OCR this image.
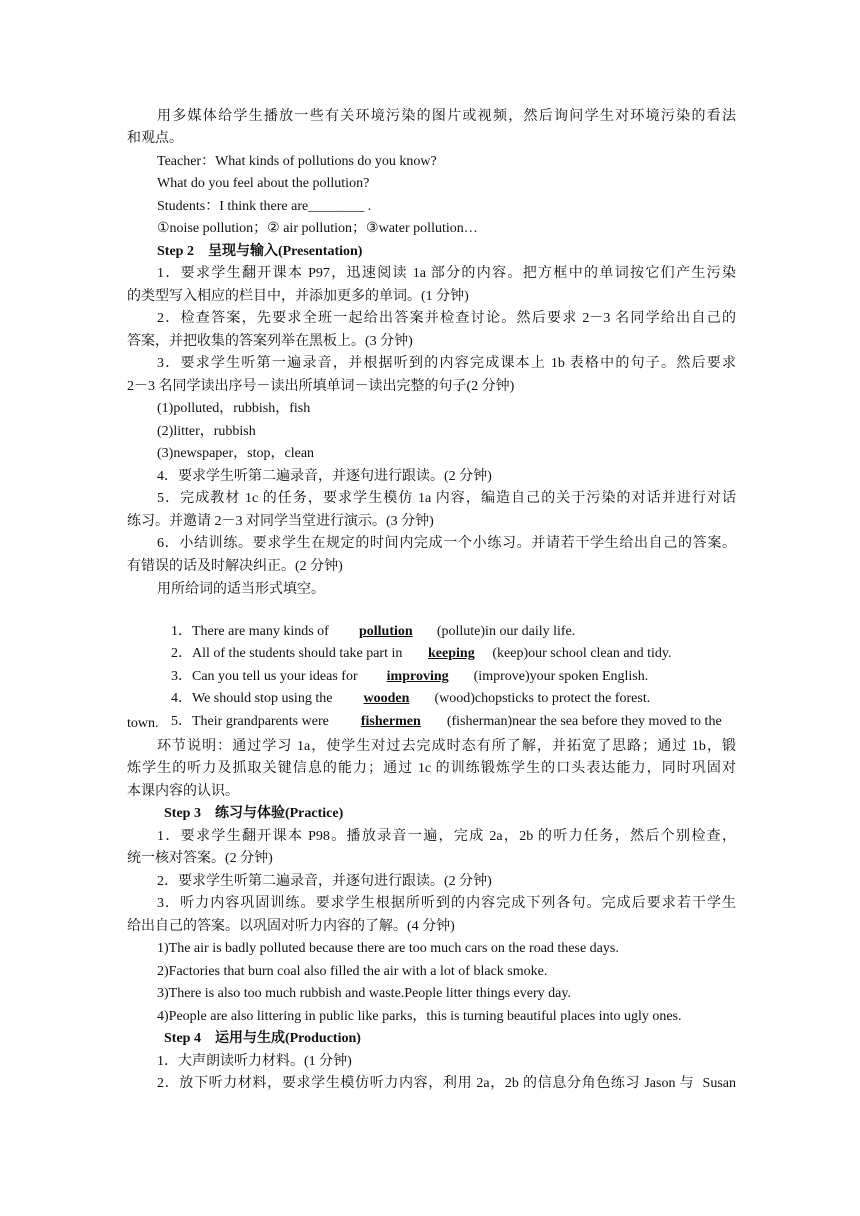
用多媒体给学生播放一些有关环境污染的图片或视频，然后询问学生对环境污染的看法
和观点。
Teacher：What kinds of pollutions do you know?
What do you feel about the pollution?
Students：I think there are________ .
①noise pollution；② air pollution；③water pollution…
Step 2　呈现与输入(Presentation)
1．要求学生翻开课本 P97，迅速阅读 1a 部分的内容。把方框中的单词按它们产生污染
的类型写入相应的栏目中，并添加更多的单词。(1 分钟)
2．检查答案，先要求全班一起给出答案并检查讨论。然后要求 2－3 名同学给出自己的
答案，并把收集的答案列举在黑板上。(3 分钟)
3．要求学生听第一遍录音，并根据听到的内容完成课本上 1b 表格中的句子。然后要求
2－3 名同学读出序号－读出所填单词－读出完整的句子(2 分钟)
(1)polluted，rubbish，fish
(2)litter，rubbish
(3)newspaper，stop，clean
4．要求学生听第二遍录音，并逐句进行跟读。(2 分钟)
5．完成教材 1c 的任务，要求学生模仿 1a 内容，编造自己的关于污染的对话并进行对话
练习。并邀请 2－3 对同学当堂进行演示。(3 分钟)
6．小结训练。要求学生在规定的时间内完成一个小练习。并请若干学生给出自己的答案。
有错误的话及时解决纠正。(2 分钟)
用所给词的适当形式填空。

1．There are many kinds of pollution (pollute)in our daily life.

2．All of the students should take part in keeping (keep)our school clean and tidy.

3．Can you tell us your ideas for improving (improve)your spoken English.

4．We should stop using the wooden (wood)chopsticks to protect the forest.

5．Their grandparents were fishermen (fisherman)near the sea before they moved to the

town.
环节说明：通过学习 1a，使学生对过去完成时态有所了解，并拓宽了思路；通过 1b，锻
炼学生的听力及抓取关键信息的能力；通过 1c 的训练锻炼学生的口头表达能力，同时巩固对
本课内容的认识。
Step 3　练习与体验(Practice)
1．要求学生翻开课本 P98。播放录音一遍，完成 2a，2b 的听力任务，然后个别检查，
统一核对答案。(2 分钟)
2．要求学生听第二遍录音，并逐句进行跟读。(2 分钟)
3．听力内容巩固训练。要求学生根据所听到的内容完成下列各句。完成后要求若干学生
给出自己的答案。以巩固对听力内容的了解。(4 分钟)
1)The air is badly polluted because there are too much cars on the road these days.
2)Factories that burn coal also filled the air with a lot of black smoke.
3)There is also too much rubbish and waste.People litter things every day.
4)People are also littering in public like parks，this is turning beautiful places into ugly ones.
Step 4　运用与生成(Production)
1．大声朗读听力材料。(1 分钟)
2．放下听力材料，要求学生模仿听力内容，利用 2a，2b 的信息分角色练习 Jason 与  Susan
